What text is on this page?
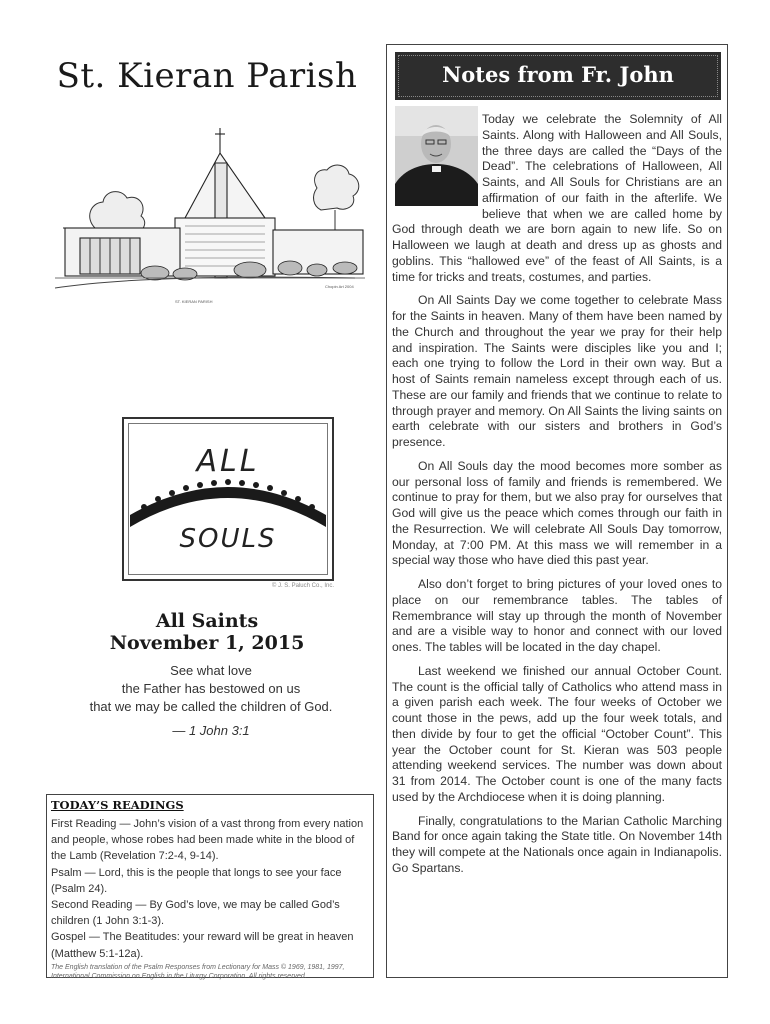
St. Kieran Parish
ST. KIERAN PARISH
Chopin Art 2004
ALL
SOULS
© J. S. Paluch Co., Inc.
All Saints
November 1, 2015
See what love
the Father has bestowed on us
that we may be called the children of God.
— 1 John 3:1
TODAY’S READINGS

First Reading — John’s vision of a vast throng from every nation and people, whose robes had been made white in the blood of the Lamb (Revelation 7:2-4, 9-14).

Psalm — Lord, this is the people that longs to see your face (Psalm 24).

Second Reading — By God’s love, we may be called God’s children (1 John 3:1-3).

Gospel — The Beatitudes: your reward will be great in heaven (Matthew 5:1-12a).

The English translation of the Psalm Responses from Lectionary for Mass © 1969, 1981, 1997, International Commission on English in the Liturgy Corporation. All rights reserved.

Notes from Fr. John

Today we celebrate the Solemnity of All Saints. Along with Halloween and All Souls, the three days are called the “Days of the Dead”. The celebrations of Halloween, All Saints, and All Souls for Christians are an affirmation of our faith in the afterlife. We believe that when we are called home by God through death we are born again to new life. So on Halloween we laugh at death and dress up as ghosts and goblins. This “hallowed eve” of the feast of All Saints, is a time for tricks and treats, costumes, and parties.

On All Saints Day we come together to celebrate Mass for the Saints in heaven. Many of them have been named by the Church and throughout the year we pray for their help and inspiration. The Saints were disciples like you and I; each one trying to follow the Lord in their own way. But a host of Saints remain nameless except through each of us. These are our family and friends that we continue to relate to through prayer and memory. On All Saints the living saints on earth celebrate with our sisters and brothers in God’s presence.

On All Souls day the mood becomes more somber as our personal loss of family and friends is remembered. We continue to pray for them, but we also pray for ourselves that God will give us the peace which comes through our faith in the Resurrection. We will celebrate All Souls Day tomorrow, Monday, at 7:00 PM. At this mass we will remember in a special way those who have died this past year.

Also don’t forget to bring pictures of your loved ones to place on our remembrance tables. The tables of Remembrance will stay up through the month of November and are a visible way to honor and connect with our loved ones. The tables will be located in the day chapel.

Last weekend we finished our annual October Count. The count is the official tally of Catholics who attend mass in a given parish each week. The four weeks of October we count those in the pews, add up the four week totals, and then divide by four to get the official “October Count”. This year the October count for St. Kieran was 503 people attending weekend services. The number was down about 31 from 2014. The October count is one of the many facts used by the Archdiocese when it is doing planning.

Finally, congratulations to the Marian Catholic Marching Band for once again taking the State title. On November 14th they will compete at the Nationals once again in Indianapolis. Go Spartans.
